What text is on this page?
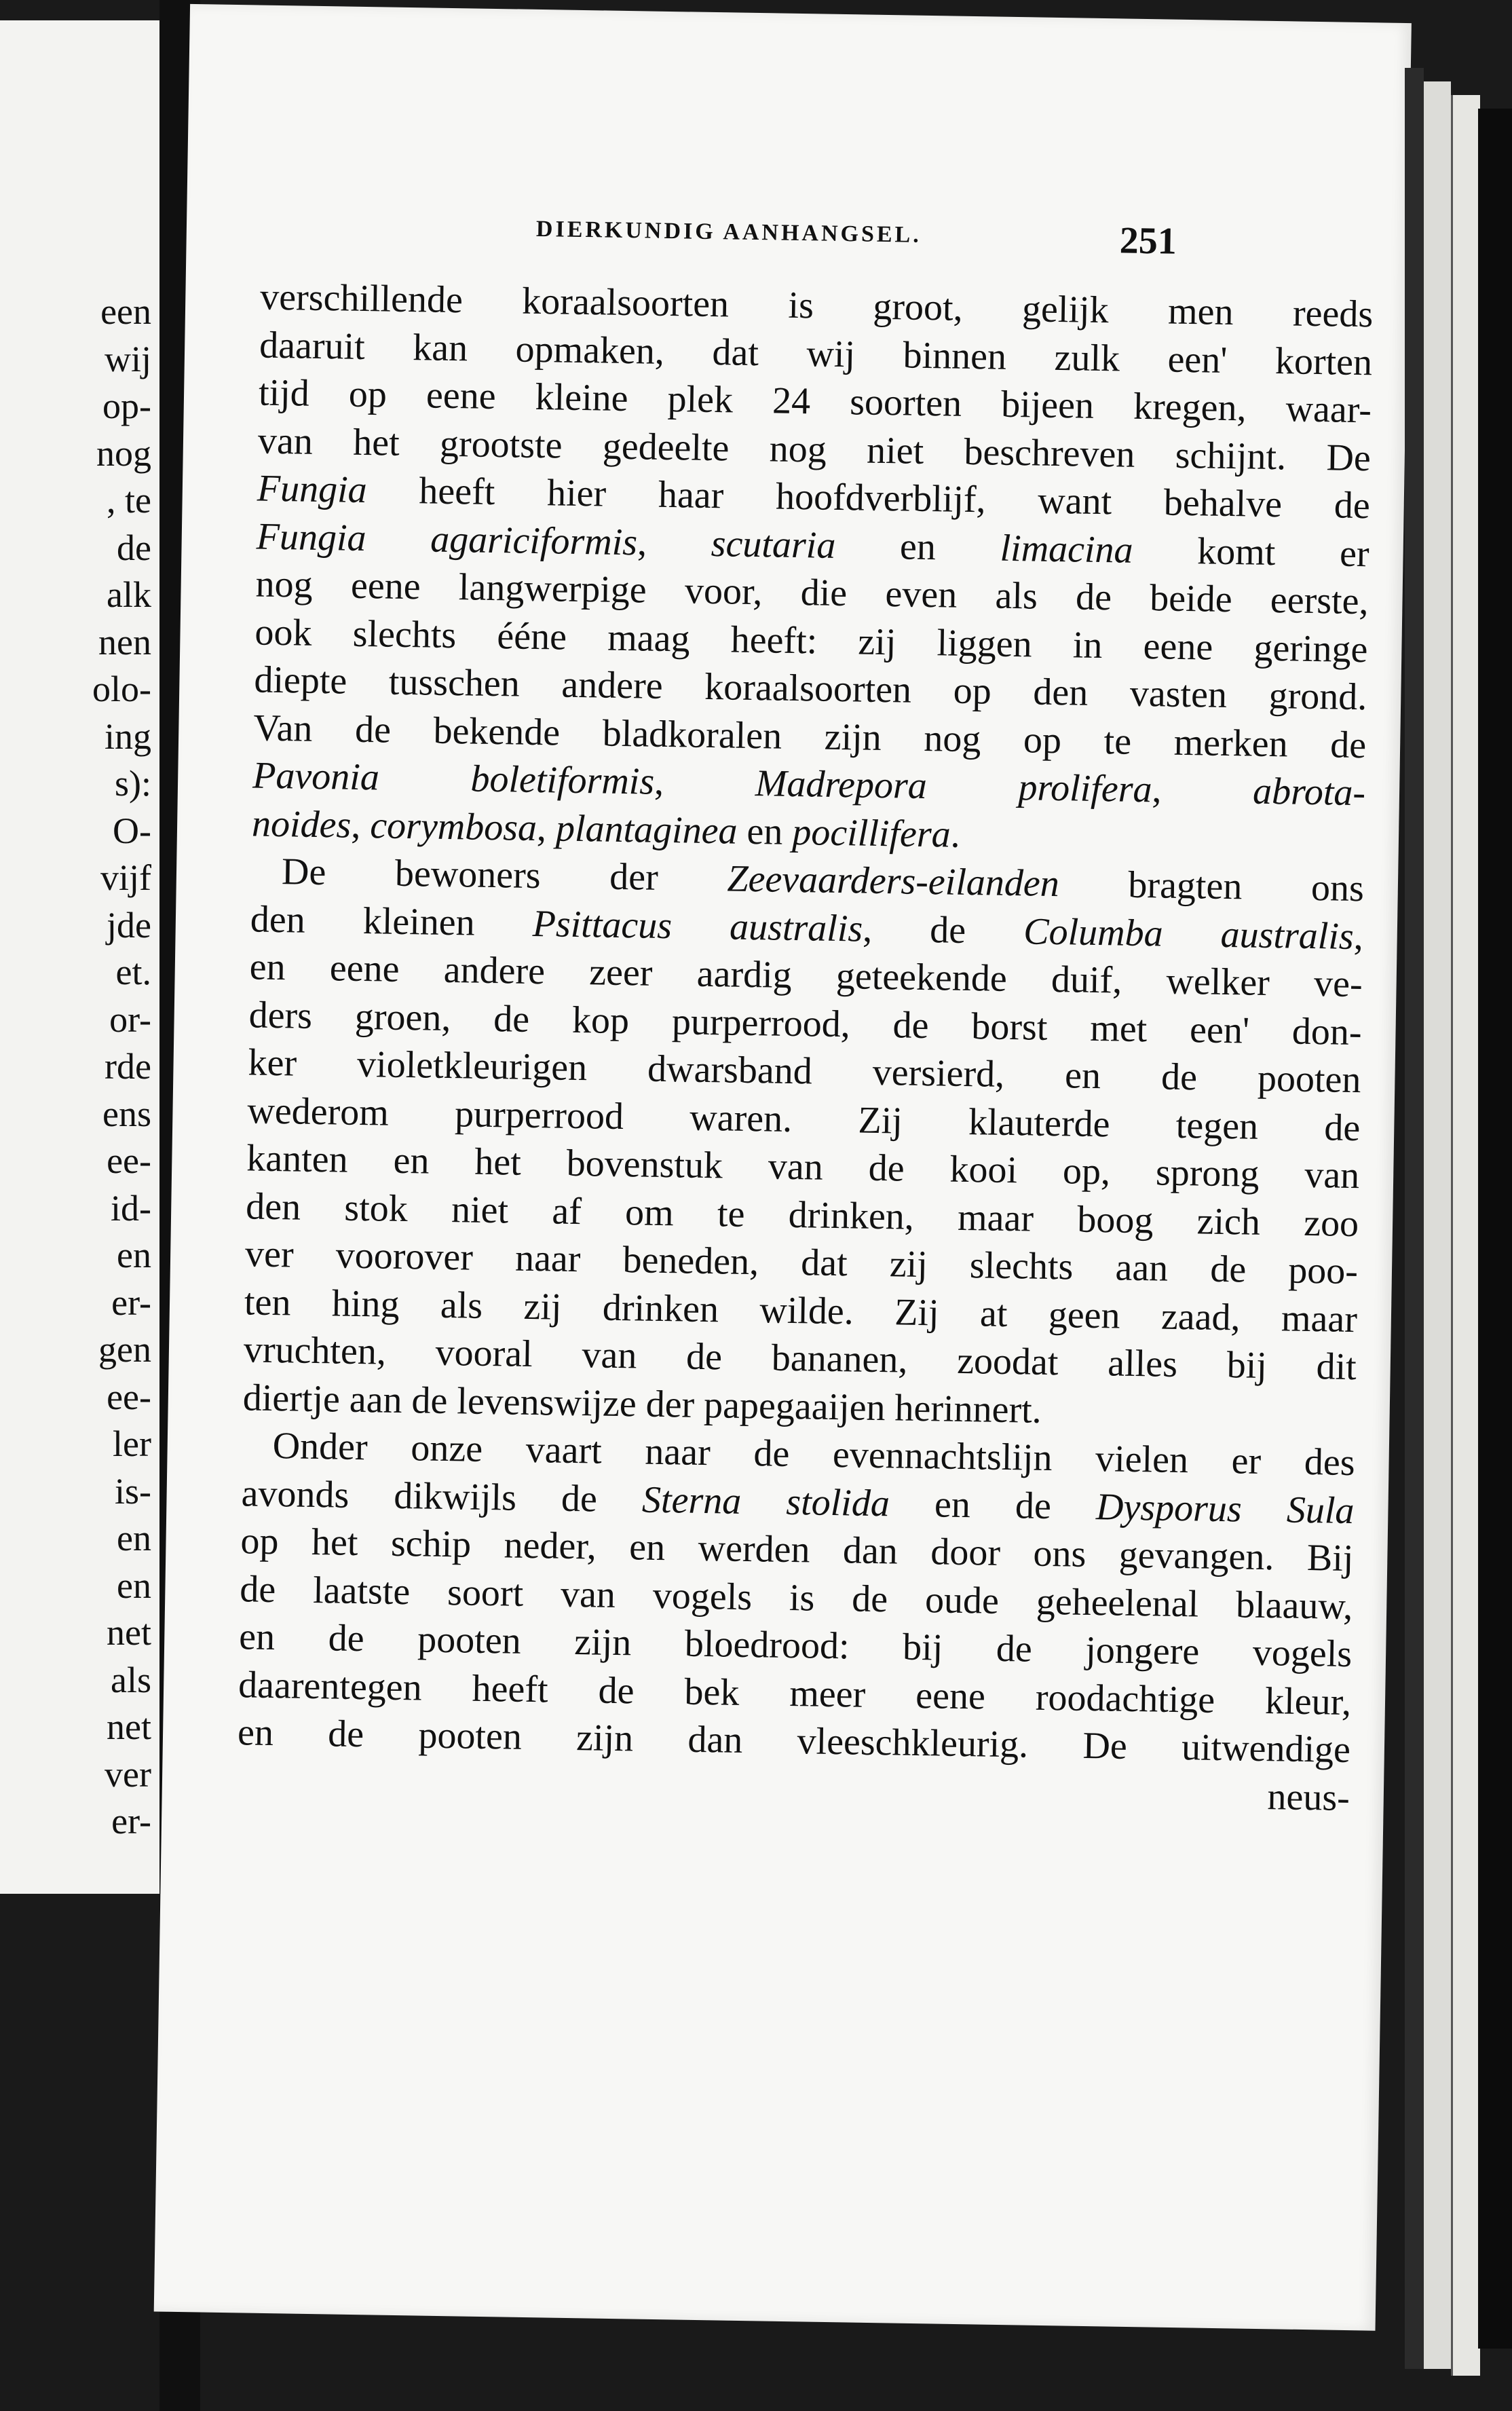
een
wij
op-
nog
, te
de
alk
nen
olo-
ing
s):
O-
vijf
jde
et.
or-
rde
ens
ee-
id-
en
er-
gen
ee-
ler
is-
en
en
net
als
net
ver
er-
DIERKUNDIG AANHANGSEL.	251
verschillende koraalsoorten is groot, gelijk men reeds
daaruit kan opmaken, dat wij binnen zulk een' korten
tijd op eene kleine plek 24 soorten bijeen kregen, waar-
van het grootste gedeelte nog niet beschreven schijnt. De
Fungia heeft hier haar hoofdverblijf, want behalve de
Fungia agariciformis, scutaria en limacina komt er
nog eene langwerpige voor, die even als de beide eerste,
ook slechts ééne maag heeft: zij liggen in eene geringe
diepte tusschen andere koraalsoorten op den vasten grond.
Van de bekende bladkoralen zijn nog op te merken de
Pavonia boletiformis, Madrepora prolifera, abrota-
noides, corymbosa, plantaginea en pocillifera.
De bewoners der Zeevaarders-eilanden bragten ons
den kleinen Psittacus australis, de Columba australis,
en eene andere zeer aardig geteekende duif, welker ve-
ders groen, de kop purperrood, de borst met een' don-
ker violetkleurigen dwarsband versierd, en de pooten
wederom purperrood waren. Zij klauterde tegen de
kanten en het bovenstuk van de kooi op, sprong van
den stok niet af om te drinken, maar boog zich zoo
ver voorover naar beneden, dat zij slechts aan de poo-
ten hing als zij drinken wilde. Zij at geen zaad, maar
vruchten, vooral van de bananen, zoodat alles bij dit
diertje aan de levenswijze der papegaaijen herinnert.
Onder onze vaart naar de evennachtslijn vielen er des
avonds dikwijls de Sterna stolida en de Dysporus Sula
op het schip neder, en werden dan door ons gevangen. Bij
de laatste soort van vogels is de oude geheelenal blaauw,
en de pooten zijn bloedrood: bij de jongere vogels
daarentegen heeft de bek meer eene roodachtige kleur,
en de pooten zijn dan vleeschkleurig. De uitwendige
neus-
